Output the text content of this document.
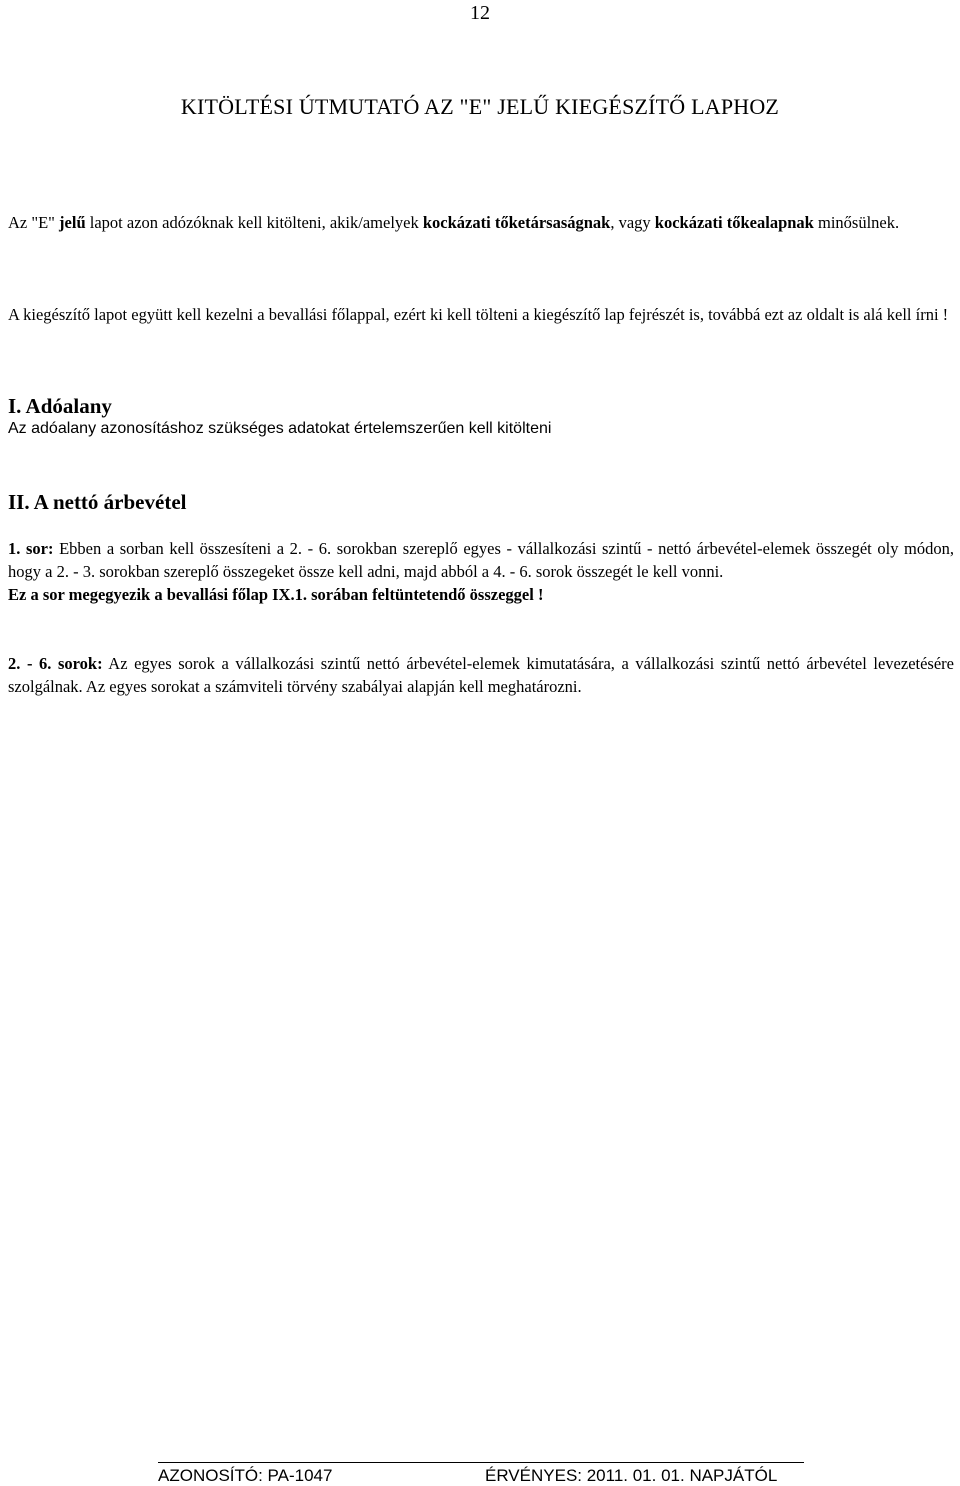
12
KITÖLTÉSI ÚTMUTATÓ AZ "E" JELŰ KIEGÉSZÍTŐ LAPHOZ
Az "E" jelű lapot azon adózóknak kell kitölteni, akik/amelyek kockázati tőketársaságnak, vagy kockázati tőkealapnak minősülnek.
A kiegészítő lapot együtt kell kezelni a bevallási főlappal, ezért ki kell tölteni a kiegészítő lap fejrészét is, továbbá ezt az oldalt is alá kell írni !
I. Adóalany
Az adóalany azonosításhoz szükséges adatokat értelemszerűen kell kitölteni
II. A nettó árbevétel
1. sor: Ebben a sorban kell összesíteni a 2. - 6. sorokban szereplő egyes - vállalkozási szintű - nettó árbevétel-elemek összegét oly módon, hogy a 2. - 3. sorokban szereplő összegeket össze kell adni, majd abból a 4. - 6. sorok összegét le kell vonni.
Ez a sor megegyezik a bevallási főlap IX.1. sorában feltüntetendő összeggel !
2. - 6. sorok: Az egyes sorok a vállalkozási szintű nettó árbevétel-elemek kimutatására, a vállalkozási szintű nettó árbevétel levezetésére szolgálnak. Az egyes sorokat a számviteli törvény szabályai alapján kell meghatározni.
AZONOSÍTÓ: PA-1047	ÉRVÉNYES: 2011. 01. 01. NAPJÁTÓL
